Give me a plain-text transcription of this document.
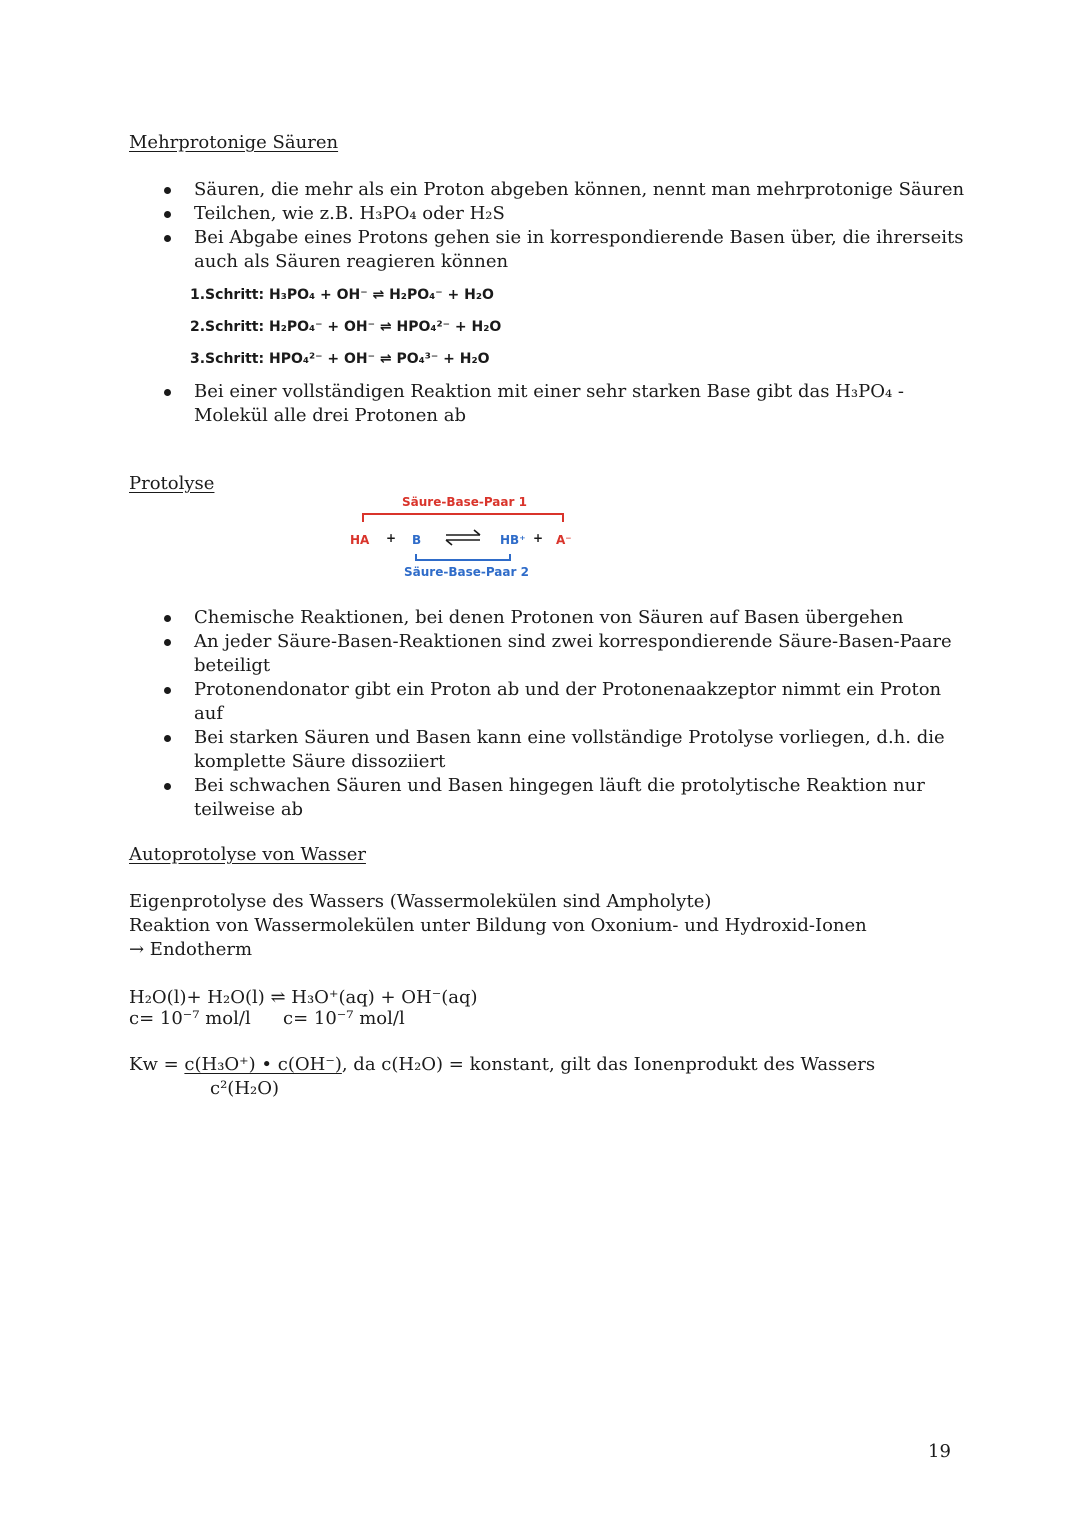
Mehrprotonige Säuren
Säuren, die mehr als ein Proton abgeben können, nennt man mehrprotonige Säuren
Teilchen, wie z.B. H₃PO₄ oder H₂S
Bei Abgabe eines Protons gehen sie in korrespondierende Basen über, die ihrerseits auch als Säuren reagieren können
1.Schritt: H₃PO₄ + OH⁻ ⇌ H₂PO₄⁻ + H₂O
2.Schritt: H₂PO₄⁻ + OH⁻ ⇌ HPO₄²⁻ + H₂O
3.Schritt: HPO₄²⁻ + OH⁻ ⇌ PO₄³⁻ + H₂O
Bei einer vollständigen Reaktion mit einer sehr starken Base gibt das H₃PO₄ -Molekül alle drei Protonen ab
Protolyse
Säure-Base-Paar 1
HA + B	HB⁺ + A⁻
Säure-Base-Paar 2
Chemische Reaktionen, bei denen Protonen von Säuren auf Basen übergehen
An jeder Säure-Basen-Reaktionen sind zwei korrespondierende Säure-Basen-Paare beteiligt
Protonendonator gibt ein Proton ab und der Protonenaakzeptor nimmt ein Proton auf
Bei starken Säuren und Basen kann eine vollständige Protolyse vorliegen, d.h. die komplette Säure dissoziiert
Bei schwachen Säuren und Basen hingegen läuft die protolytische Reaktion nur teilweise ab
Autoprotolyse von Wasser
Eigenprotolyse des Wassers (Wassermolekülen sind Ampholyte)
Reaktion von Wassermolekülen unter Bildung von Oxonium- und Hydroxid-Ionen
→ Endotherm
H₂O(l)+ H₂O(l) ⇌ H₃O⁺(aq) + OH⁻(aq)
c= 10⁻⁷ mol/l c= 10⁻⁷ mol/l
Kw = c(H₃O⁺) • c(OH⁻), da c(H₂O) = konstant, gilt das Ionenprodukt des Wassers
c²(H₂O)
19
